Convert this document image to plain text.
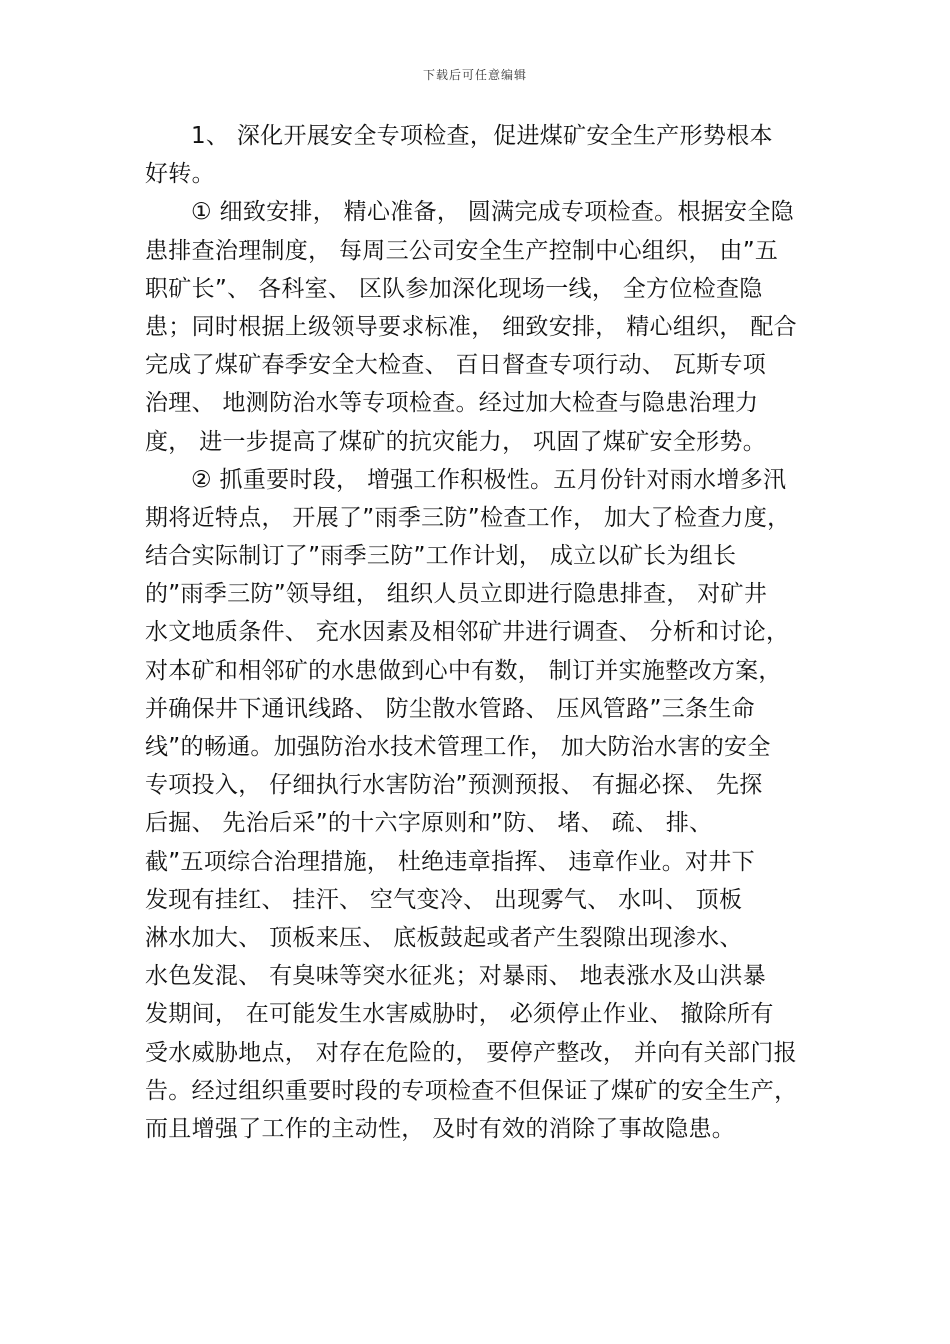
下载后可任意编辑
1、 深化开展安全专项检查，促进煤矿安全生产形势根本
好转。
① 细致安排， 精心准备， 圆满完成专项检查。根据安全隐
患排查治理制度， 每周三公司安全生产控制中心组织， 由”五
职矿长”、 各科室、 区队参加深化现场一线， 全方位检查隐
患；同时根据上级领导要求标准， 细致安排， 精心组织， 配合
完成了煤矿春季安全大检查、 百日督查专项行动、 瓦斯专项
治理、 地测防治水等专项检查。经过加大检查与隐患治理力
度， 进一步提高了煤矿的抗灾能力， 巩固了煤矿安全形势。
② 抓重要时段， 增强工作积极性。五月份针对雨水增多汛
期将近特点， 开展了”雨季三防”检查工作， 加大了检查力度，
结合实际制订了”雨季三防”工作计划， 成立以矿长为组长
的”雨季三防”领导组， 组织人员立即进行隐患排查， 对矿井
水文地质条件、 充水因素及相邻矿井进行调查、 分析和讨论，
对本矿和相邻矿的水患做到心中有数， 制订并实施整改方案，
并确保井下通讯线路、 防尘散水管路、 压风管路”三条生命
线”的畅通。加强防治水技术管理工作， 加大防治水害的安全
专项投入， 仔细执行水害防治”预测预报、 有掘必探、 先探
后掘、 先治后采”的十六字原则和”防、 堵、 疏、 排、
截”五项综合治理措施， 杜绝违章指挥、 违章作业。对井下
发现有挂红、 挂汗、 空气变冷、 出现雾气、 水叫、 顶板
淋水加大、 顶板来压、 底板鼓起或者产生裂隙出现渗水、
水色发混、 有臭味等突水征兆；对暴雨、 地表涨水及山洪暴
发期间， 在可能发生水害威胁时， 必须停止作业、 撤除所有
受水威胁地点， 对存在危险的， 要停产整改， 并向有关部门报
告。经过组织重要时段的专项检查不但保证了煤矿的安全生产，
而且增强了工作的主动性， 及时有效的消除了事故隐患。
